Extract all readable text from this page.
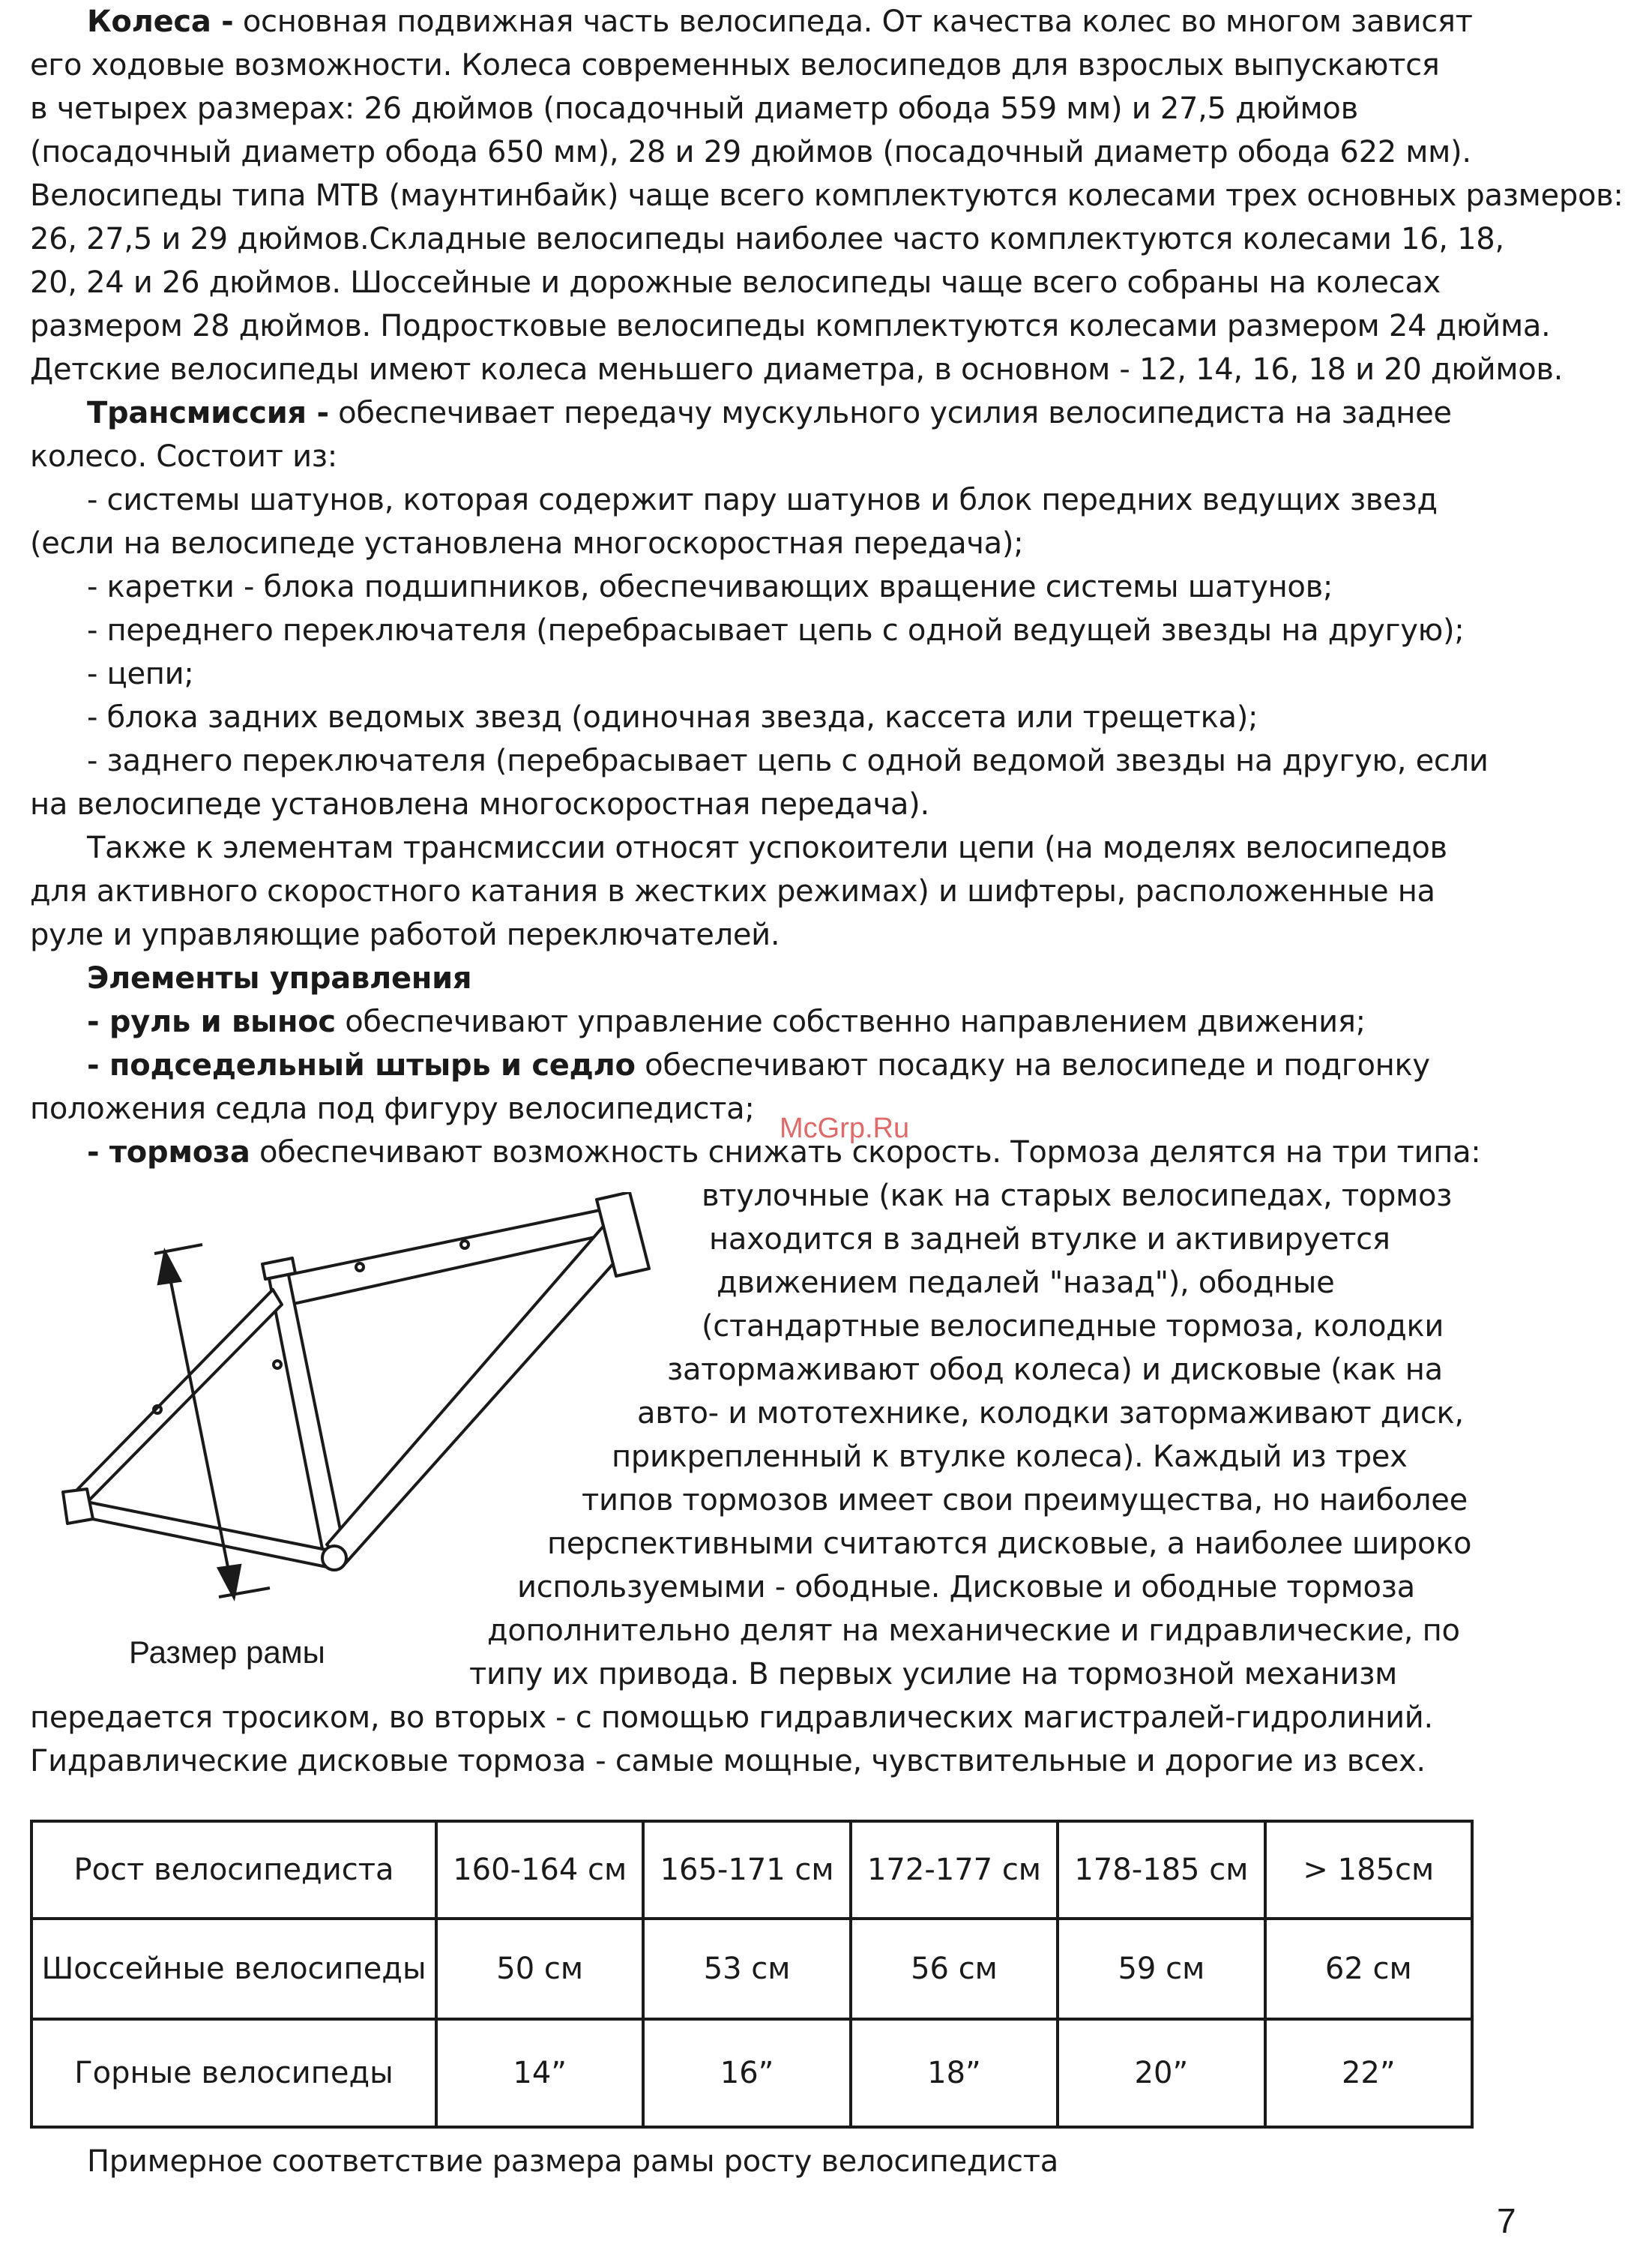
Колеса - основная подвижная часть велосипеда. От качества колес во многом зависят
его ходовые возможности. Колеса современных велосипедов для взрослых выпускаются
в четырех размерах: 26 дюймов (посадочный диаметр обода 559 мм) и 27,5 дюймов
(посадочный диаметр обода 650 мм), 28 и 29 дюймов (посадочный диаметр обода 622 мм).
Велосипеды типа МТВ (маунтинбайк) чаще всего комплектуются колесами трех основных размеров:
26, 27,5 и 29 дюймов.Складные велосипеды наиболее часто комплектуются колесами 16, 18,
20, 24 и 26 дюймов. Шоссейные и дорожные велосипеды чаще всего собраны на колесах
размером 28 дюймов. Подростковые велосипеды комплектуются колесами размером 24 дюйма.
Детские велосипеды имеют колеса меньшего диаметра, в основном - 12, 14, 16, 18 и 20 дюймов.
Трансмиссия - обеспечивает передачу мускульного усилия велосипедиста на заднее
колесо. Состоит из:
- системы шатунов, которая содержит пару шатунов и блок передних ведущих звезд
(если на велосипеде установлена многоскоростная передача);
- каретки - блока подшипников, обеспечивающих вращение системы шатунов;
- переднего переключателя (перебрасывает цепь с одной ведущей звезды на другую);
- цепи;
- блока задних ведомых звезд (одиночная звезда, кассета или трещетка);
- заднего переключателя (перебрасывает цепь с одной ведомой звезды на другую, если
на велосипеде установлена многоскоростная передача).
Также к элементам трансмиссии относят успокоители цепи (на моделях велосипедов
для активного скоростного катания в жестких режимах) и шифтеры, расположенные на
руле и управляющие работой переключателей.
Элементы управления
- руль и вынос обеспечивают управление собственно направлением движения;
- подседельный штырь и седло обеспечивают посадку на велосипеде и подгонку
положения седла под фигуру велосипедиста;
McGrp.Ru
- тормоза обеспечивают возможность снижать скорость. Тормоза делятся на три типа:
втулочные (как на старых велосипедах, тормоз
находится в задней втулке и активируется
движением педалей "назад"), ободные
(стандартные велосипедные тормоза, колодки
затормаживают обод колеса) и дисковые (как на
авто- и мототехнике, колодки затормаживают диск,
прикрепленный к втулке колеса). Каждый из трех
типов тормозов имеет свои преимущества, но наиболее
перспективными считаются дисковые, а наиболее широко
используемыми - ободные. Дисковые и ободные тормоза
дополнительно делят на механические и гидравлические, по
типу их привода. В первых усилие на тормозной механизм
передается тросиком, во вторых - с помощью гидравлических магистралей-гидролиний.
Гидравлические дисковые тормоза - самые мощные, чувствительные и дорогие из всех.
Размер рамы
Рост велосипедиста	160-164 см	165-171 см	172-177 см	178-185 см	> 185см
Шоссейные велосипеды	50 см	53 см	56 см	59 см	62 см
Горные велосипеды	14”	16”	18”	20”	22”
Примерное соответствие размера рамы росту велосипедиста
7
